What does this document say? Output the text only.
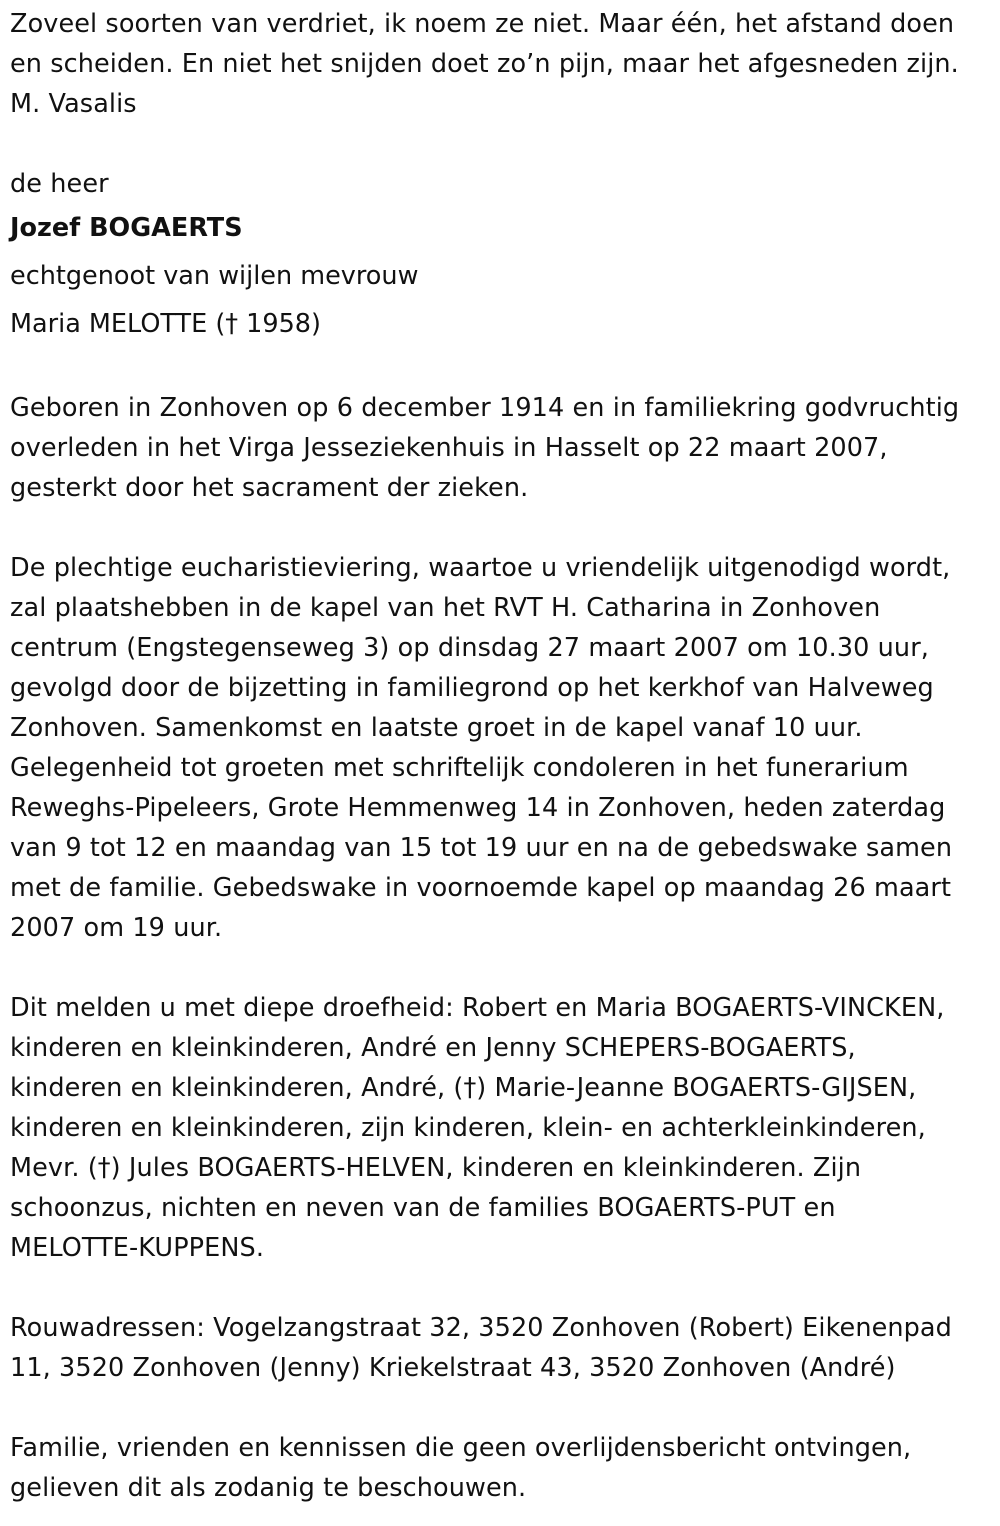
Zoveel soorten van verdriet, ik noem ze niet. Maar één, het afstand doen
en scheiden. En niet het snijden doet zo’n pijn, maar het afgesneden zijn.
M. Vasalis
de heer
Jozef BOGAERTS
echtgenoot van wijlen mevrouw
Maria MELOTTE († 1958)
Geboren in Zonhoven op 6 december 1914 en in familiekring godvruchtig
overleden in het Virga Jesseziekenhuis in Hasselt op 22 maart 2007,
gesterkt door het sacrament der zieken.
De plechtige eucharistieviering, waartoe u vriendelijk uitgenodigd wordt,
zal plaatshebben in de kapel van het RVT H. Catharina in Zonhoven
centrum (Engstegenseweg 3) op dinsdag 27 maart 2007 om 10.30 uur,
gevolgd door de bijzetting in familiegrond op het kerkhof van Halveweg
Zonhoven. Samenkomst en laatste groet in de kapel vanaf 10 uur.
Gelegenheid tot groeten met schriftelijk condoleren in het funerarium
Reweghs-Pipeleers, Grote Hemmenweg 14 in Zonhoven, heden zaterdag
van 9 tot 12 en maandag van 15 tot 19 uur en na de gebedswake samen
met de familie. Gebedswake in voornoemde kapel op maandag 26 maart
2007 om 19 uur.
Dit melden u met diepe droefheid: Robert en Maria BOGAERTS-VINCKEN,
kinderen en kleinkinderen, André en Jenny SCHEPERS-BOGAERTS,
kinderen en kleinkinderen, André, (†) Marie-Jeanne BOGAERTS-GIJSEN,
kinderen en kleinkinderen, zijn kinderen, klein- en achterkleinkinderen,
Mevr. (†) Jules BOGAERTS-HELVEN, kinderen en kleinkinderen. Zijn
schoonzus, nichten en neven van de families BOGAERTS-PUT en
MELOTTE-KUPPENS.
Rouwadressen: Vogelzangstraat 32, 3520 Zonhoven (Robert) Eikenenpad
11, 3520 Zonhoven (Jenny) Kriekelstraat 43, 3520 Zonhoven (André)
Familie, vrienden en kennissen die geen overlijdensbericht ontvingen,
gelieven dit als zodanig te beschouwen.
